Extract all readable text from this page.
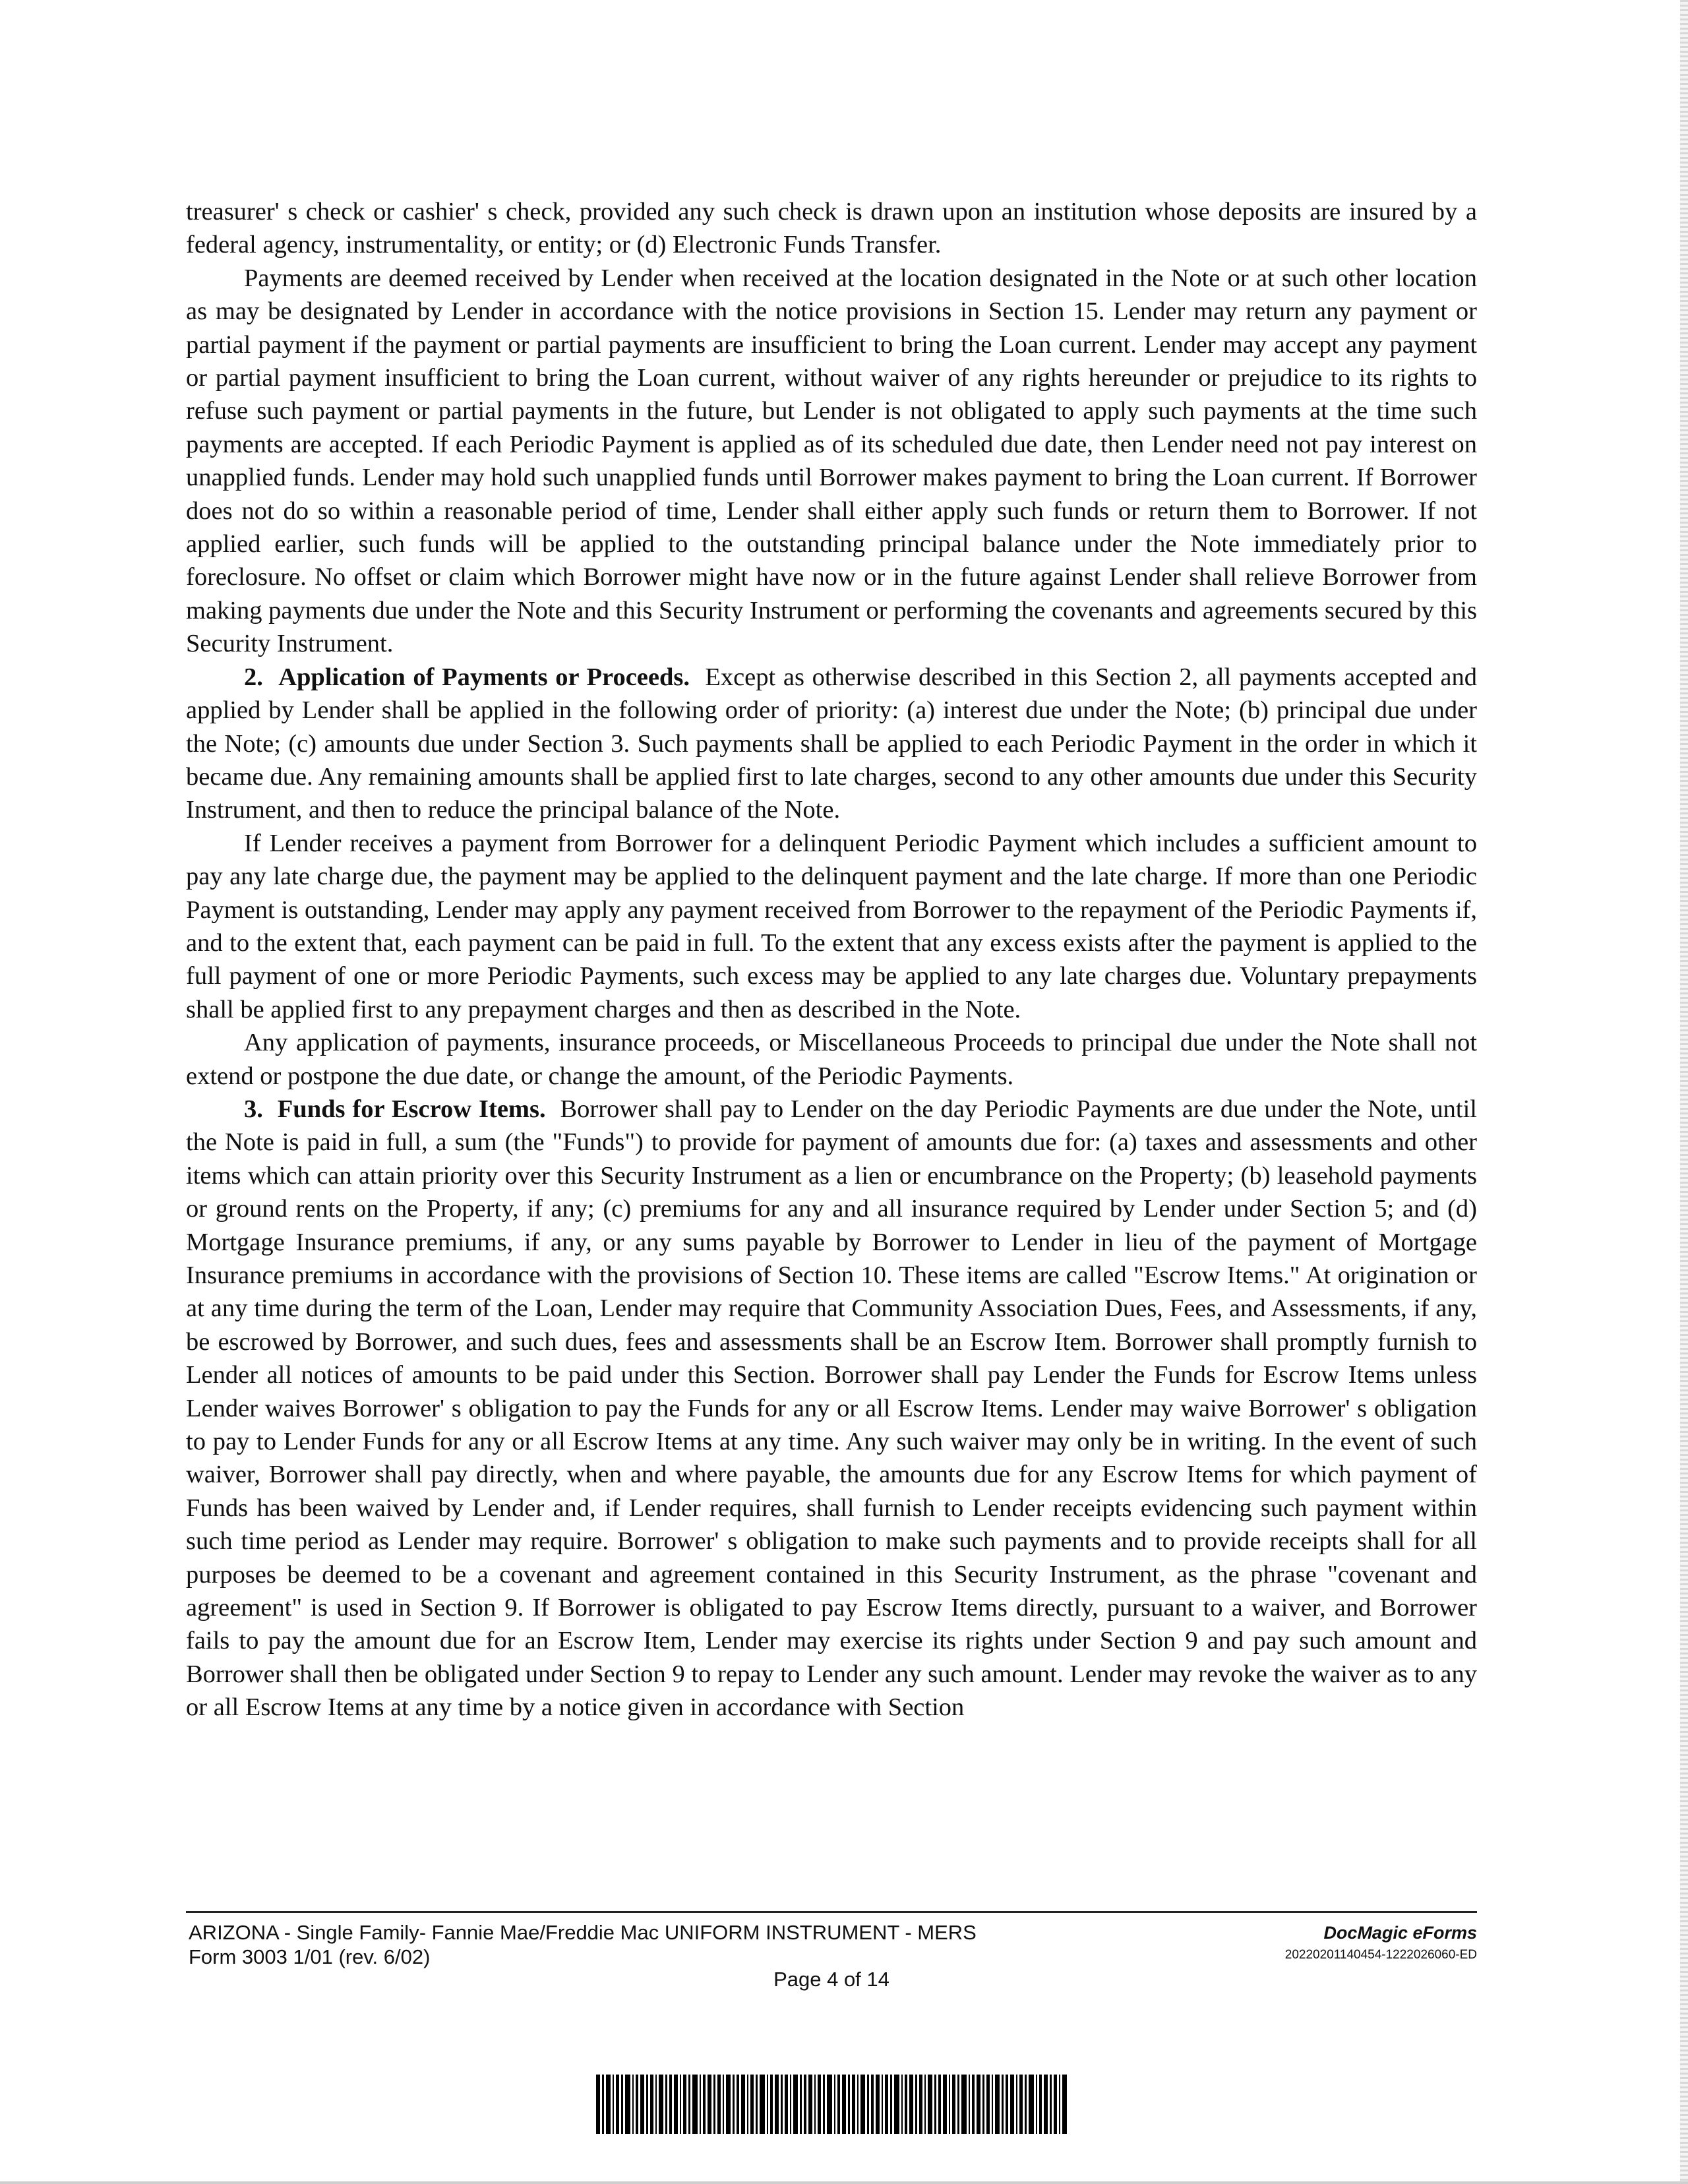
treasurer' s check or cashier' s check, provided any such check is drawn upon an institution whose deposits are insured by a federal agency, instrumentality, or entity; or (d) Electronic Funds Transfer.

Payments are deemed received by Lender when received at the location designated in the Note or at such other location as may be designated by Lender in accordance with the notice provisions in Section 15. Lender may return any payment or partial payment if the payment or partial payments are insufficient to bring the Loan current. Lender may accept any payment or partial payment insufficient to bring the Loan current, without waiver of any rights hereunder or prejudice to its rights to refuse such payment or partial payments in the future, but Lender is not obligated to apply such payments at the time such payments are accepted. If each Periodic Payment is applied as of its scheduled due date, then Lender need not pay interest on unapplied funds. Lender may hold such unapplied funds until Borrower makes payment to bring the Loan current. If Borrower does not do so within a reasonable period of time, Lender shall either apply such funds or return them to Borrower. If not applied earlier, such funds will be applied to the outstanding principal balance under the Note immediately prior to foreclosure. No offset or claim which Borrower might have now or in the future against Lender shall relieve Borrower from making payments due under the Note and this Security Instrument or performing the covenants and agreements secured by this Security Instrument.

2. Application of Payments or Proceeds. Except as otherwise described in this Section 2, all payments accepted and applied by Lender shall be applied in the following order of priority: (a) interest due under the Note; (b) principal due under the Note; (c) amounts due under Section 3. Such payments shall be applied to each Periodic Payment in the order in which it became due. Any remaining amounts shall be applied first to late charges, second to any other amounts due under this Security Instrument, and then to reduce the principal balance of the Note.

If Lender receives a payment from Borrower for a delinquent Periodic Payment which includes a sufficient amount to pay any late charge due, the payment may be applied to the delinquent payment and the late charge. If more than one Periodic Payment is outstanding, Lender may apply any payment received from Borrower to the repayment of the Periodic Payments if, and to the extent that, each payment can be paid in full. To the extent that any excess exists after the payment is applied to the full payment of one or more Periodic Payments, such excess may be applied to any late charges due. Voluntary prepayments shall be applied first to any prepayment charges and then as described in the Note.

Any application of payments, insurance proceeds, or Miscellaneous Proceeds to principal due under the Note shall not extend or postpone the due date, or change the amount, of the Periodic Payments.

3. Funds for Escrow Items. Borrower shall pay to Lender on the day Periodic Payments are due under the Note, until the Note is paid in full, a sum (the "Funds") to provide for payment of amounts due for: (a) taxes and assessments and other items which can attain priority over this Security Instrument as a lien or encumbrance on the Property; (b) leasehold payments or ground rents on the Property, if any; (c) premiums for any and all insurance required by Lender under Section 5; and (d) Mortgage Insurance premiums, if any, or any sums payable by Borrower to Lender in lieu of the payment of Mortgage Insurance premiums in accordance with the provisions of Section 10. These items are called "Escrow Items." At origination or at any time during the term of the Loan, Lender may require that Community Association Dues, Fees, and Assessments, if any, be escrowed by Borrower, and such dues, fees and assessments shall be an Escrow Item. Borrower shall promptly furnish to Lender all notices of amounts to be paid under this Section. Borrower shall pay Lender the Funds for Escrow Items unless Lender waives Borrower' s obligation to pay the Funds for any or all Escrow Items. Lender may waive Borrower' s obligation to pay to Lender Funds for any or all Escrow Items at any time. Any such waiver may only be in writing. In the event of such waiver, Borrower shall pay directly, when and where payable, the amounts due for any Escrow Items for which payment of Funds has been waived by Lender and, if Lender requires, shall furnish to Lender receipts evidencing such payment within such time period as Lender may require. Borrower' s obligation to make such payments and to provide receipts shall for all purposes be deemed to be a covenant and agreement contained in this Security Instrument, as the phrase "covenant and agreement" is used in Section 9. If Borrower is obligated to pay Escrow Items directly, pursuant to a waiver, and Borrower fails to pay the amount due for an Escrow Item, Lender may exercise its rights under Section 9 and pay such amount and Borrower shall then be obligated under Section 9 to repay to Lender any such amount. Lender may revoke the waiver as to any or all Escrow Items at any time by a notice given in accordance with Section

ARIZONA - Single Family- Fannie Mae/Freddie Mac UNIFORM INSTRUMENT - MERS
Form 3003 1/01 (rev. 6/02)
Page 4 of 14
DocMagic eForms
20220201140454-1222026060-ED
